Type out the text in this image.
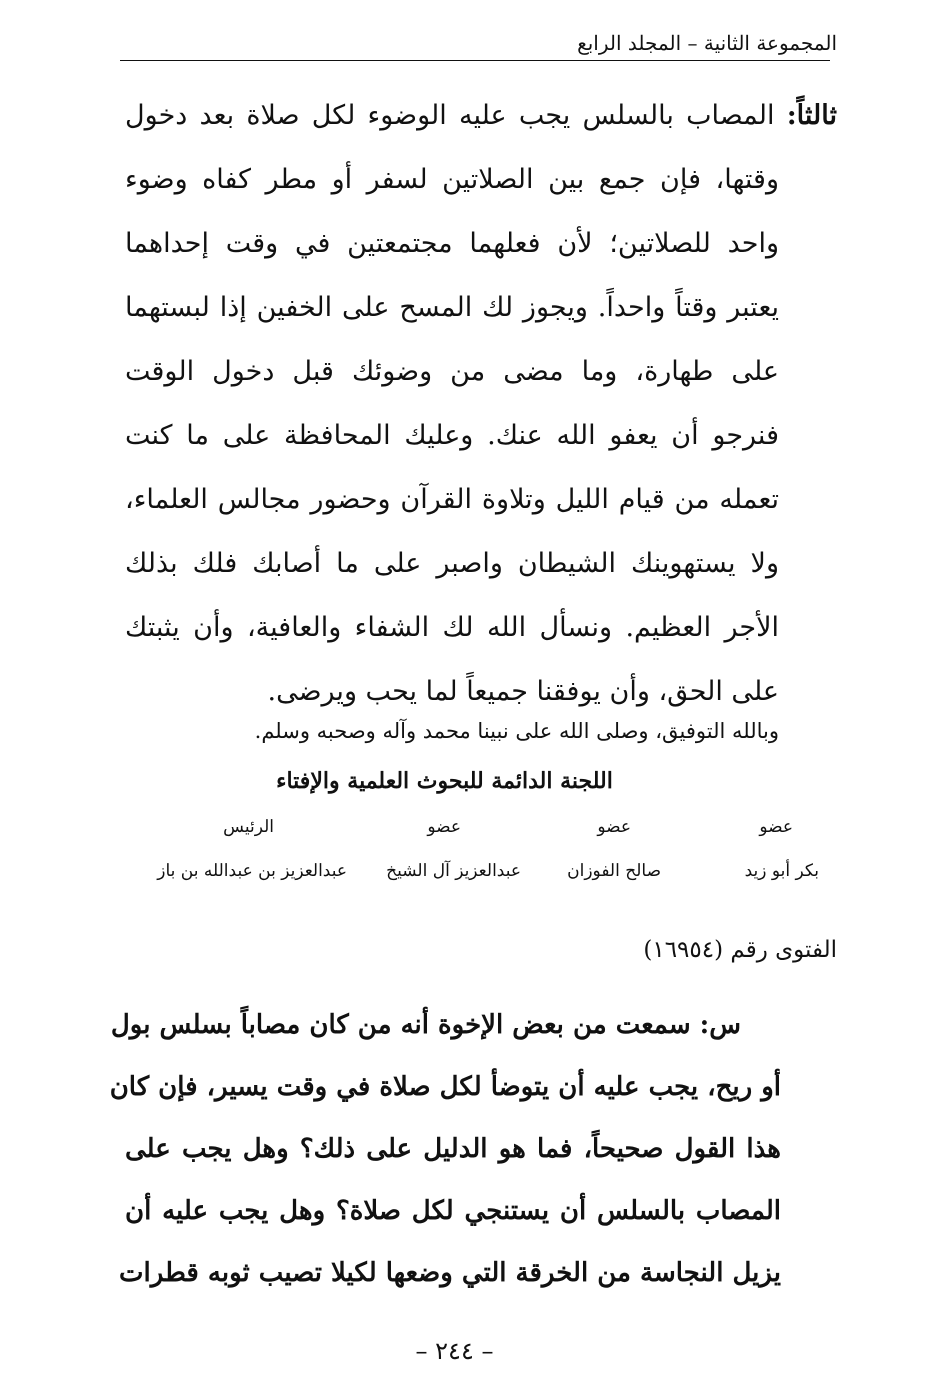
المجموعة الثانية – المجلد الرابع
ثالثاً: المصاب بالسلس يجب عليه الوضوء لكل صلاة بعد دخول
وقتها، فإن جمع بين الصلاتين لسفر أو مطر كفاه وضوء
واحد للصلاتين؛ لأن فعلهما مجتمعتين في وقت إحداهما
يعتبر وقتاً واحداً. ويجوز لك المسح على الخفين إذا لبستهما
على طهارة، وما مضى من وضوئك قبل دخول الوقت
فنرجو أن يعفو الله عنك. وعليك المحافظة على ما كنت
تعمله من قيام الليل وتلاوة القرآن وحضور مجالس العلماء،
ولا يستهوينك الشيطان واصبر على ما أصابك فلك بذلك
الأجر العظيم. ونسأل الله لك الشفاء والعافية، وأن يثبتك
على الحق، وأن يوفقنا جميعاً لما يحب ويرضى.
وبالله التوفيق، وصلى الله على نبينا محمد وآله وصحبه وسلم.
اللجنة الدائمة للبحوث العلمية والإفتاء
عضو
عضو
عضو
الرئيس
بكر أبو زيد
صالح الفوزان
عبدالعزيز آل الشيخ
عبدالعزيز بن عبدالله بن باز
الفتوى رقم (١٦٩٥٤)
س: سمعت من بعض الإخوة أنه من كان مصاباً بسلس بول
أو ريح، يجب عليه أن يتوضأ لكل صلاة في وقت يسير، فإن كان
هذا القول صحيحاً، فما هو الدليل على ذلك؟ وهل يجب على
المصاب بالسلس أن يستنجي لكل صلاة؟ وهل يجب عليه أن
يزيل النجاسة من الخرقة التي وضعها لكيلا تصيب ثوبه قطرات
– ٢٤٤ –
